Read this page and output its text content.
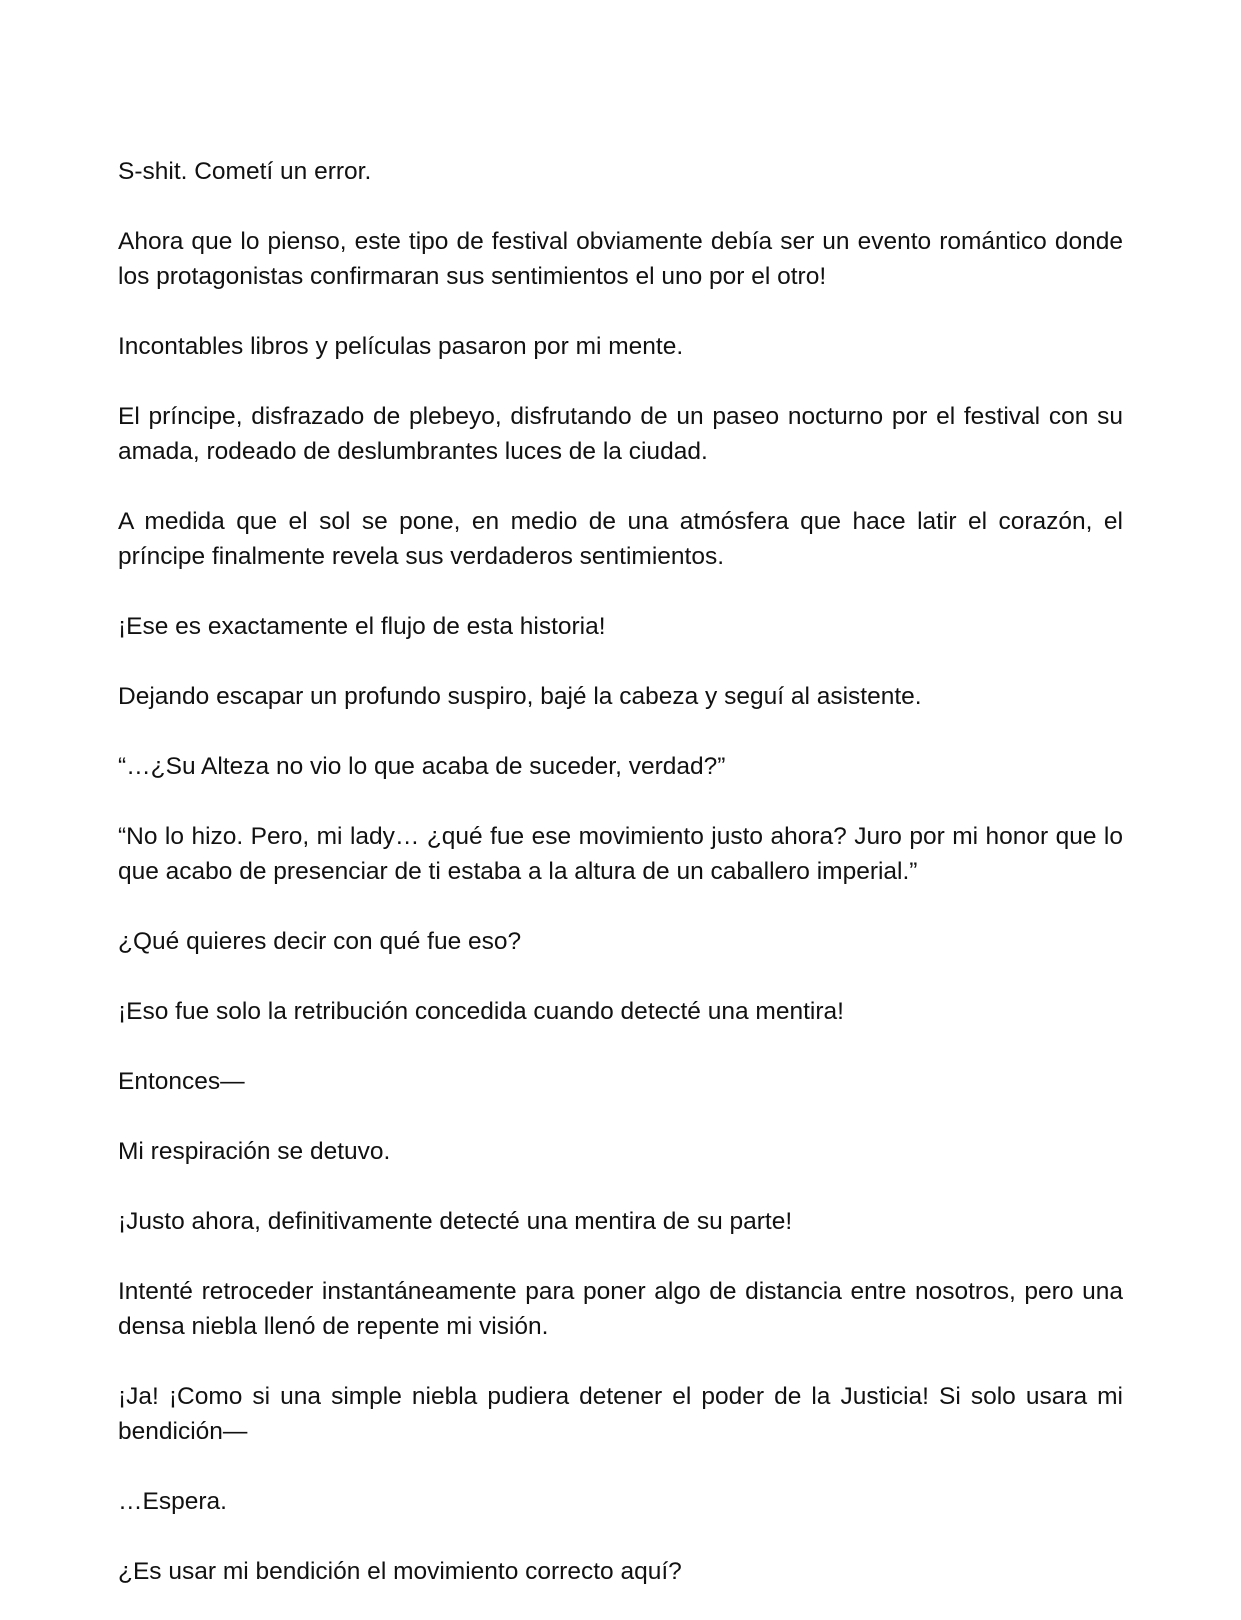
S-shit. Cometí un error.

Ahora que lo pienso, este tipo de festival obviamente debía ser un evento romántico donde los protagonistas confirmaran sus sentimientos el uno por el otro!

Incontables libros y películas pasaron por mi mente.

El príncipe, disfrazado de plebeyo, disfrutando de un paseo nocturno por el festival con su amada, rodeado de deslumbrantes luces de la ciudad.

A medida que el sol se pone, en medio de una atmósfera que hace latir el corazón, el príncipe finalmente revela sus verdaderos sentimientos.

¡Ese es exactamente el flujo de esta historia!

Dejando escapar un profundo suspiro, bajé la cabeza y seguí al asistente.

“…¿Su Alteza no vio lo que acaba de suceder, verdad?”

“No lo hizo. Pero, mi lady… ¿qué fue ese movimiento justo ahora? Juro por mi honor que lo que acabo de presenciar de ti estaba a la altura de un caballero imperial.”

¿Qué quieres decir con qué fue eso?

¡Eso fue solo la retribución concedida cuando detecté una mentira!

Entonces—

Mi respiración se detuvo.

¡Justo ahora, definitivamente detecté una mentira de su parte!

Intenté retroceder instantáneamente para poner algo de distancia entre nosotros, pero una densa niebla llenó de repente mi visión.

¡Ja! ¡Como si una simple niebla pudiera detener el poder de la Justicia! Si solo usara mi bendición—

…Espera.

¿Es usar mi bendición el movimiento correcto aquí?
